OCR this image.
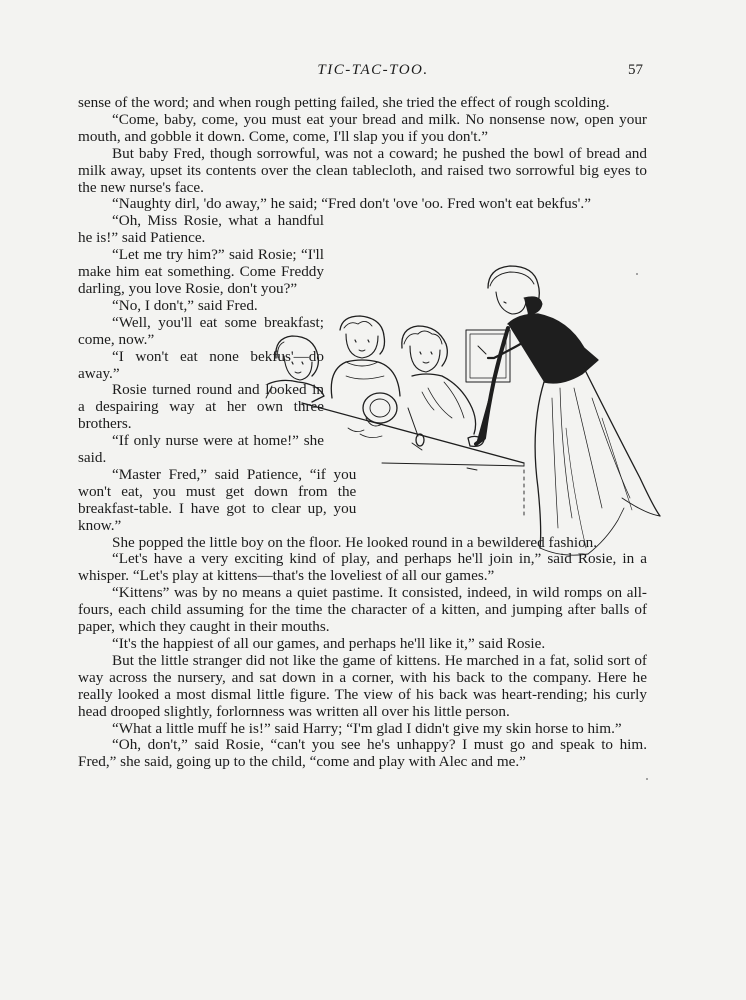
TIC-TAC-TOO.	57

sense of the word; and when rough petting failed, she tried the effect of rough scolding.

“Come, baby, come, you must eat your bread and milk. No nonsense now, open your mouth, and gobble it down. Come, come, I'll slap you if you don't.”

But baby Fred, though sorrowful, was not a coward; he pushed the bowl of bread and milk away, upset its contents over the clean tablecloth, and raised two sorrowful big eyes to the new nurse's face.

“Naughty dirl, 'do away,” he said; “Fred don't 'ove 'oo. Fred won't eat bekfus'.”

“Oh, Miss Rosie, what a handful he is!” said Patience.

“Let me try him?” said Rosie; “I'll make him eat something. Come Freddy darling, you love Rosie, don't you?”

“No, I don't,” said Fred.

“Well, you'll eat some breakfast; come, now.”

“I won't eat none bekfus'—do away.”

Rosie turned round and looked in a despairing way at her own three brothers.

“If only nurse were at home!” she said.

“Master Fred,” said Patience, “if you won't eat, you must get down from the breakfast-table. I have got to clear up, you know.”

She popped the little boy on the floor. He looked round in a bewildered fashion.

“Let's have a very exciting kind of play, and perhaps he'll join in,” said Rosie, in a whisper. “Let's play at kittens—that's the loveliest of all our games.”

“Kittens” was by no means a quiet pastime. It consisted, indeed, in wild romps on all-fours, each child assuming for the time the character of a kitten, and jumping after balls of paper, which they caught in their mouths.

“It's the happiest of all our games, and perhaps he'll like it,” said Rosie.

But the little stranger did not like the game of kittens. He marched in a fat, solid sort of way across the nursery, and sat down in a corner, with his back to the company. Here he really looked a most dismal little figure. The view of his back was heart-rending; his curly head drooped slightly, forlornness was written all over his little person.

“What a little muff he is!” said Harry; “I'm glad I didn't give my skin horse to him.”

“Oh, don't,” said Rosie, “can't you see he's unhappy? I must go and speak to him. Fred,” she said, going up to the child, “come and play with Alec and me.”
